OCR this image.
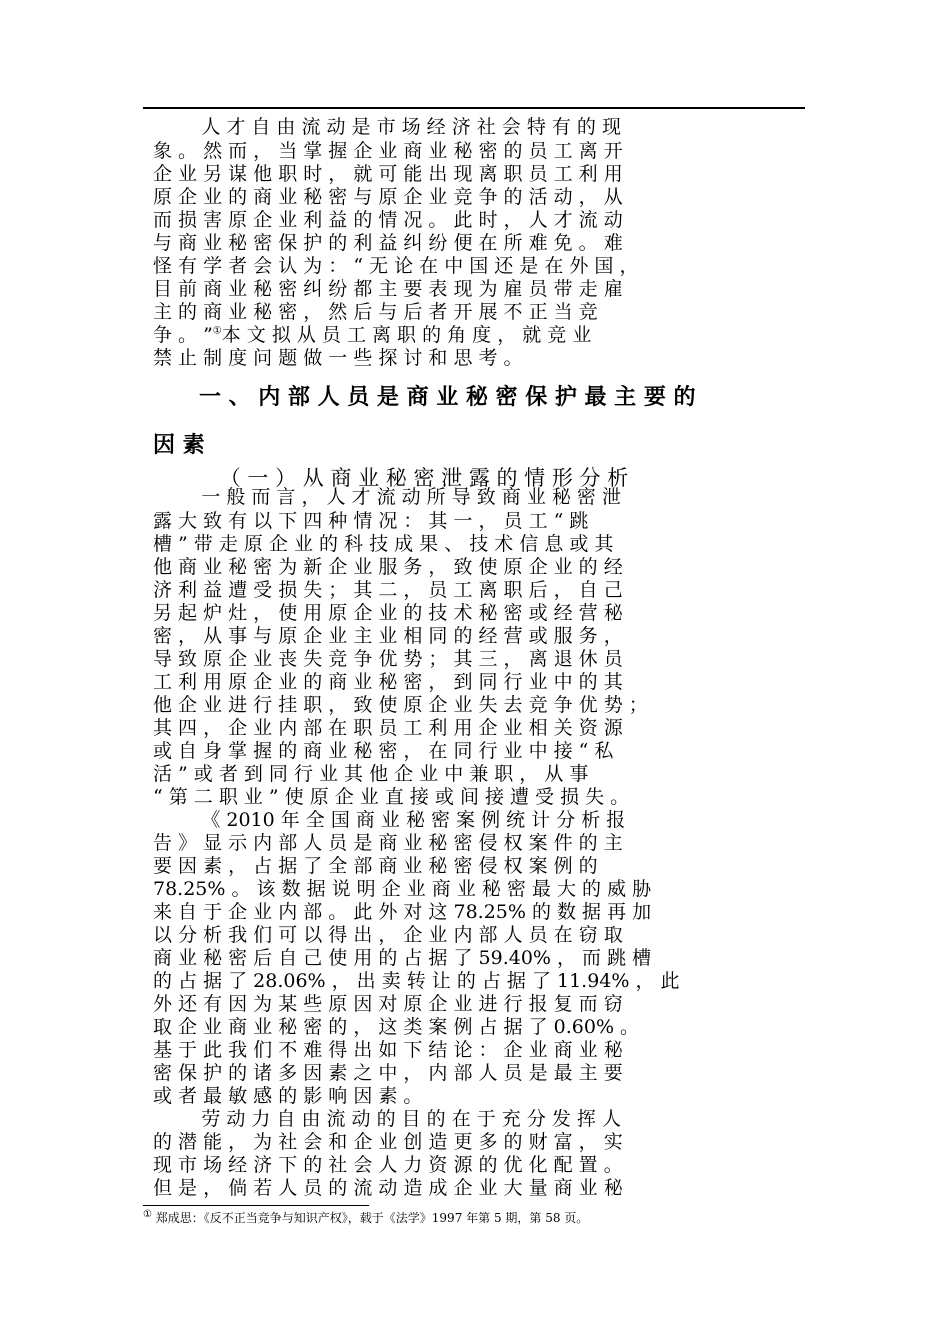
人 才 自 由 流 动 是 市 场 经 济 社 会 特 有 的 现
象 。 然 而 ， 当 掌 握 企 业 商 业 秘 密 的 员 工 离 开
企 业 另 谋 他 职 时 ， 就 可 能 出 现 离 职 员 工 利 用
原 企 业 的 商 业 秘 密 与 原 企 业 竞 争 的 活 动 ， 从
而 损 害 原 企 业 利 益 的 情 况 。 此 时 ， 人 才 流 动
与 商 业 秘 密 保 护 的 利 益 纠 纷 便 在 所 难 免 。 难
怪 有 学 者 会 认 为 ： “ 无 论 在 中 国 还 是 在 外 国 ，
目 前 商 业 秘 密 纠 纷 都 主 要 表 现 为 雇 员 带 走 雇
主 的 商 业 秘 密 ， 然 后 与 后 者 开 展 不 正 当 竞
争 。 ”①本 文 拟 从 员 工 离 职 的 角 度 ， 就 竞 业
禁 止 制 度 问 题 做 一 些 探 讨 和 思 考 。
一 、 内 部 人 员 是 商 业 秘 密 保 护 最 主 要 的
因 素
（ 一 ） 从 商 业 秘 密 泄 露 的 情 形 分 析
一 般 而 言 ， 人 才 流 动 所 导 致 商 业 秘 密 泄
露 大 致 有 以 下 四 种 情 况 ： 其 一 ， 员 工 “ 跳
槽 ” 带 走 原 企 业 的 科 技 成 果 、 技 术 信 息 或 其
他 商 业 秘 密 为 新 企 业 服 务 ， 致 使 原 企 业 的 经
济 利 益 遭 受 损 失 ； 其 二 ， 员 工 离 职 后 ， 自 己
另 起 炉 灶 ， 使 用 原 企 业 的 技 术 秘 密 或 经 营 秘
密 ， 从 事 与 原 企 业 主 业 相 同 的 经 营 或 服 务 ，
导 致 原 企 业 丧 失 竞 争 优 势 ； 其 三 ， 离 退 休 员
工 利 用 原 企 业 的 商 业 秘 密 ， 到 同 行 业 中 的 其
他 企 业 进 行 挂 职 ， 致 使 原 企 业 失 去 竞 争 优 势 ；
其 四 ， 企 业 内 部 在 职 员 工 利 用 企 业 相 关 资 源
或 自 身 掌 握 的 商 业 秘 密 ， 在 同 行 业 中 接 “ 私
活 ” 或 者 到 同 行 业 其 他 企 业 中 兼 职 ， 从 事
“ 第 二 职 业 ” 使 原 企 业 直 接 或 间 接 遭 受 损 失 。
《 2010 年 全 国 商 业 秘 密 案 例 统 计 分 析 报
告 》 显 示 内 部 人 员 是 商 业 秘 密 侵 权 案 件 的 主
要 因 素 ， 占 据 了 全 部 商 业 秘 密 侵 权 案 例 的
78.25% 。 该 数 据 说 明 企 业 商 业 秘 密 最 大 的 威 胁
来 自 于 企 业 内 部 。 此 外 对 这 78.25% 的 数 据 再 加
以 分 析 我 们 可 以 得 出 ， 企 业 内 部 人 员 在 窃 取
商 业 秘 密 后 自 己 使 用 的 占 据 了 59.40% ， 而 跳 槽
的 占 据 了 28.06% ， 出 卖 转 让 的 占 据 了 11.94% ， 此
外 还 有 因 为 某 些 原 因 对 原 企 业 进 行 报 复 而 窃
取 企 业 商 业 秘 密 的 ， 这 类 案 例 占 据 了 0.60% 。
基 于 此 我 们 不 难 得 出 如 下 结 论 ： 企 业 商 业 秘
密 保 护 的 诸 多 因 素 之 中 ， 内 部 人 员 是 最 主 要
或 者 最 敏 感 的 影 响 因 素 。
劳 动 力 自 由 流 动 的 目 的 在 于 充 分 发 挥 人
的 潜 能 ， 为 社 会 和 企 业 创 造 更 多 的 财 富 ， 实
现 市 场 经 济 下 的 社 会 人 力 资 源 的 优 化 配 置 。
但 是 ， 倘 若 人 员 的 流 动 造 成 企 业 大 量 商 业 秘
① 郑成思：《反不正当竞争与知识产权》，载于《法学》1997 年第 5 期，第 58 页。
